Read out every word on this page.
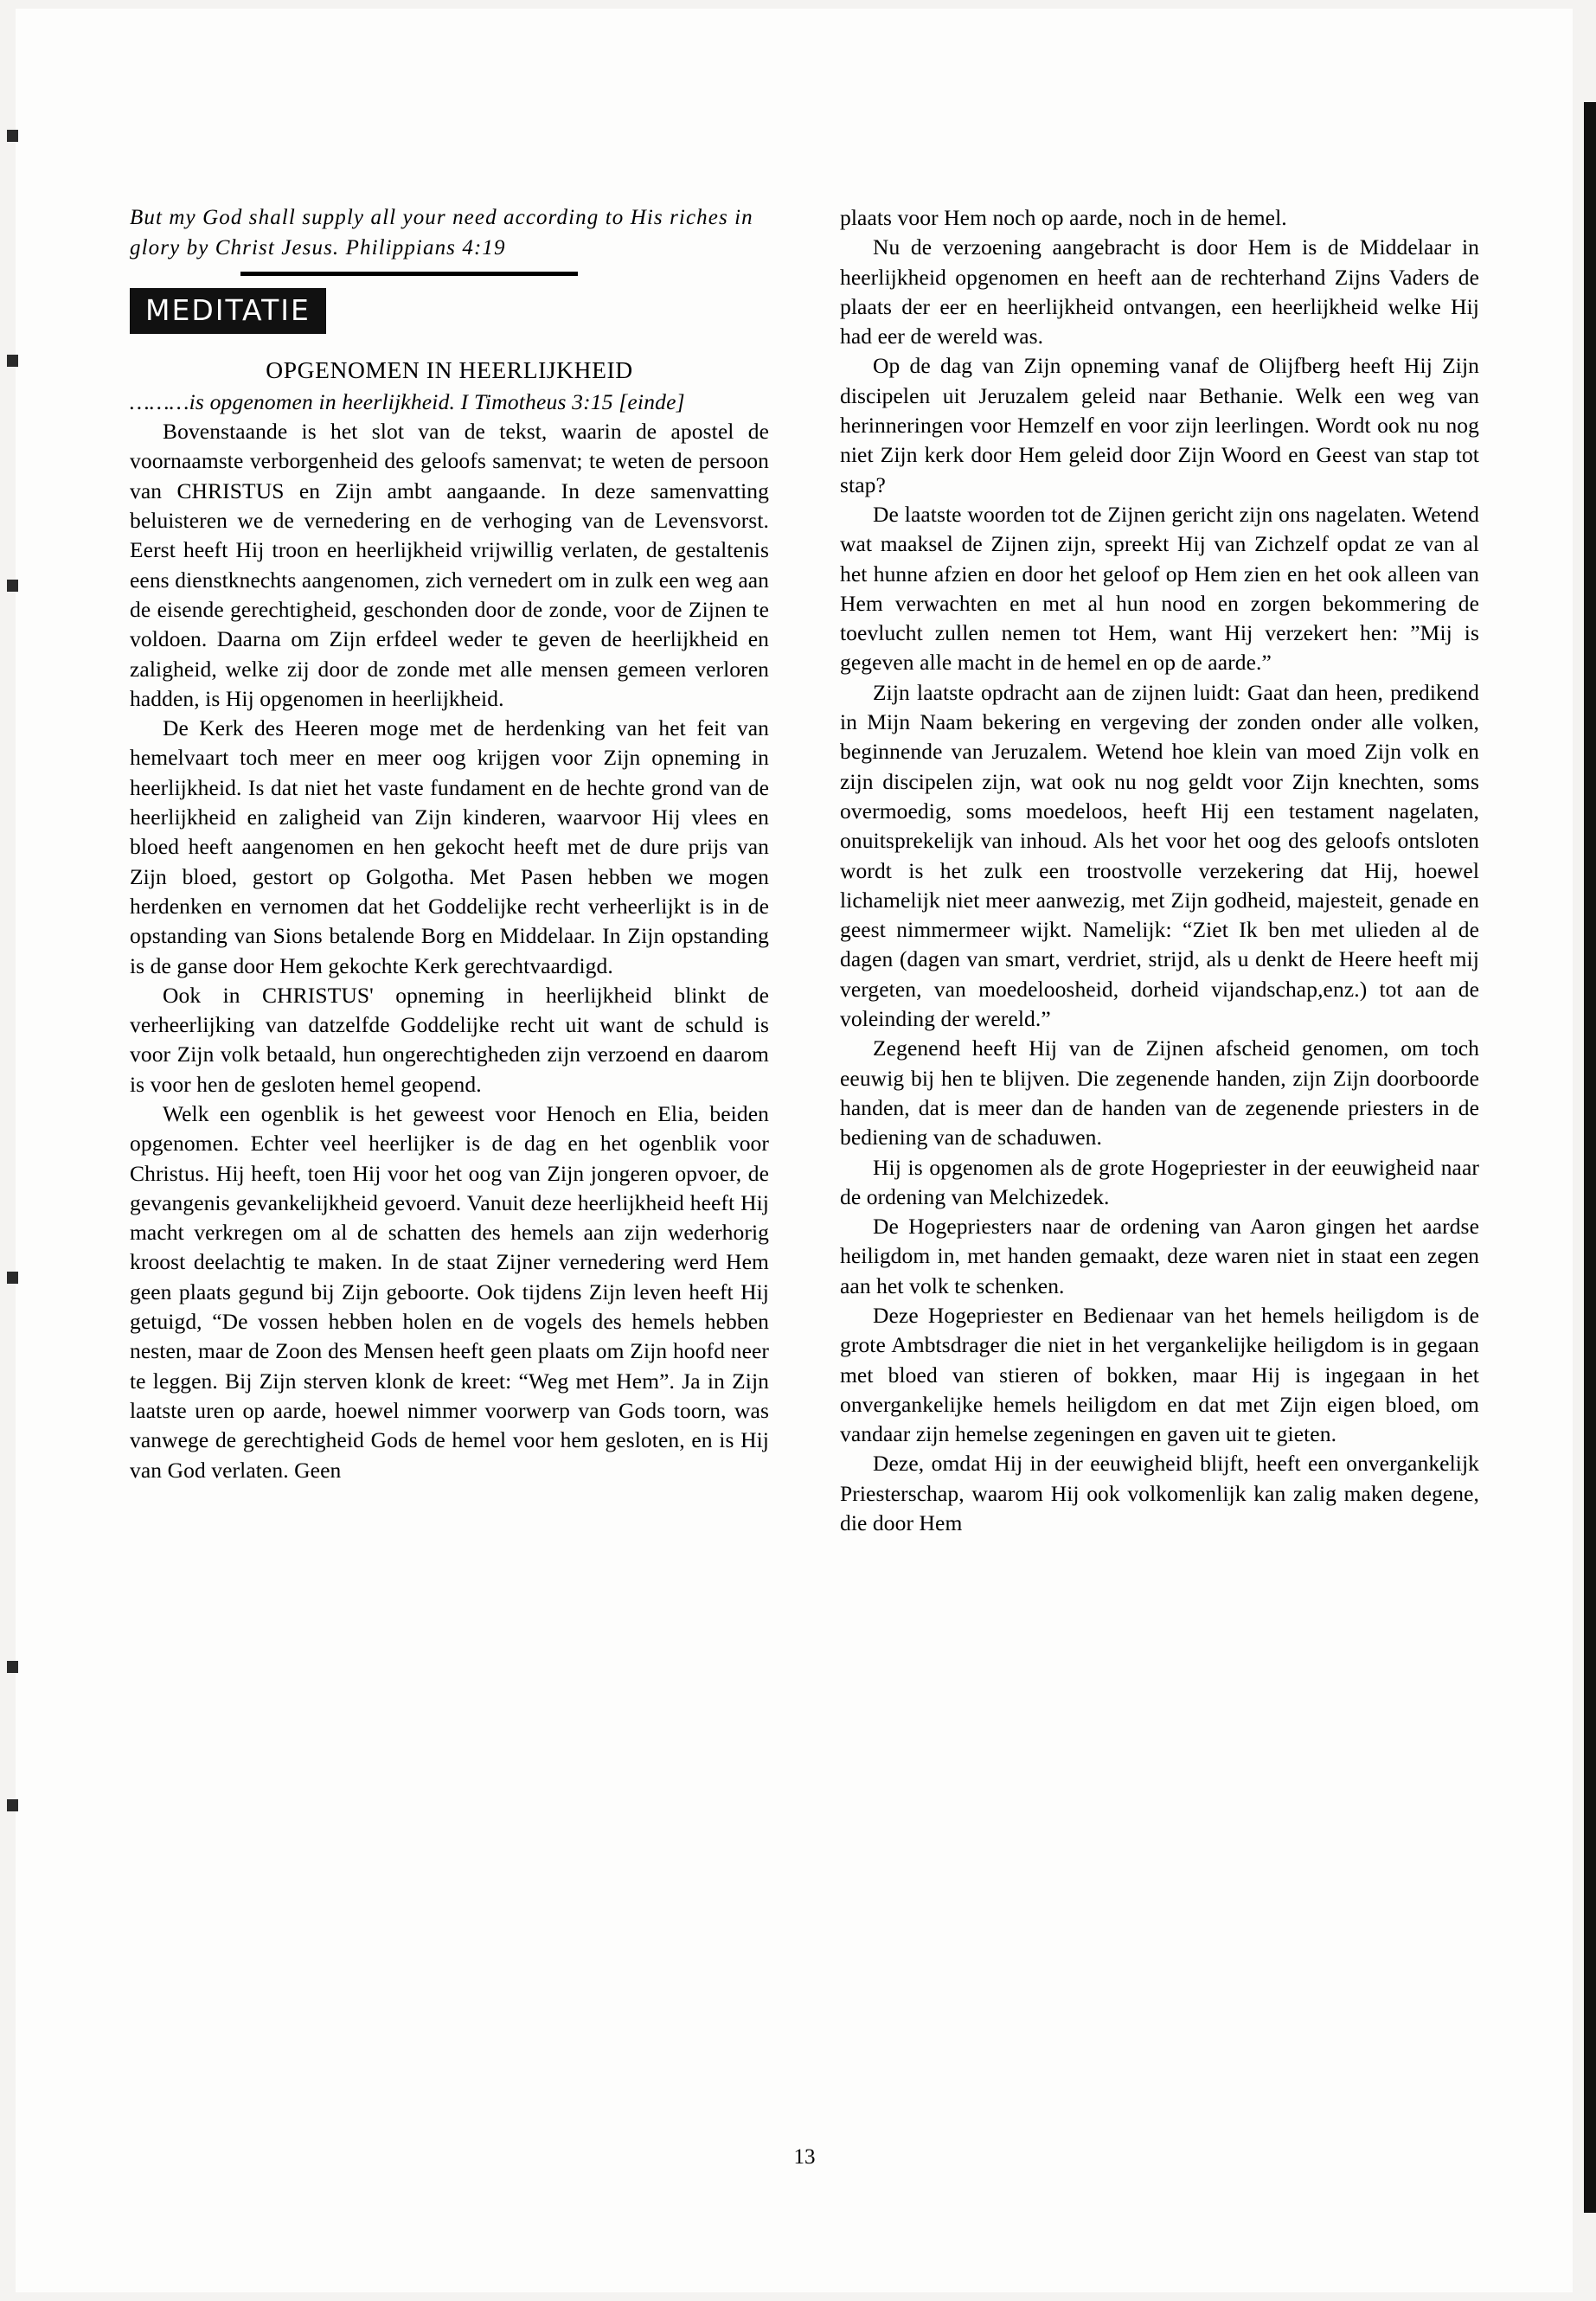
But my God shall supply all your need according to His riches in glory by Christ Jesus. Philippians 4:19

MEDITATIE
OPGENOMEN IN HEERLIJKHEID

………is opgenomen in heerlijkheid. I Timotheus 3:15 [einde]

Bovenstaande is het slot van de tekst, waarin de apostel de voornaamste verborgenheid des geloofs samenvat; te weten de persoon van CHRISTUS en Zijn ambt aangaande. In deze samenvatting beluisteren we de vernedering en de verhoging van de Levensvorst. Eerst heeft Hij troon en heerlijkheid vrijwillig verlaten, de gestaltenis eens dienstknechts aangenomen, zich vernedert om in zulk een weg aan de eisende gerechtigheid, geschonden door de zonde, voor de Zijnen te voldoen. Daarna om Zijn erfdeel weder te geven de heerlijkheid en zaligheid, welke zij door de zonde met alle mensen gemeen verloren hadden, is Hij opgenomen in heerlijkheid.

De Kerk des Heeren moge met de herdenking van het feit van hemelvaart toch meer en meer oog krijgen voor Zijn opneming in heerlijkheid. Is dat niet het vaste fundament en de hechte grond van de heerlijkheid en zaligheid van Zijn kinderen, waarvoor Hij vlees en bloed heeft aangenomen en hen gekocht heeft met de dure prijs van Zijn bloed, gestort op Golgotha. Met Pasen hebben we mogen herdenken en vernomen dat het Goddelijke recht verheerlijkt is in de opstanding van Sions betalende Borg en Middelaar. In Zijn opstanding is de ganse door Hem gekochte Kerk gerechtvaardigd.

Ook in CHRISTUS' opneming in heerlijkheid blinkt de verheerlijking van datzelfde Goddelijke recht uit want de schuld is voor Zijn volk betaald, hun ongerechtigheden zijn verzoend en daarom is voor hen de gesloten hemel geopend.

Welk een ogenblik is het geweest voor Henoch en Elia, beiden opgenomen. Echter veel heerlijker is de dag en het ogenblik voor Christus. Hij heeft, toen Hij voor het oog van Zijn jongeren opvoer, de gevangenis gevankelijkheid gevoerd. Vanuit deze heerlijkheid heeft Hij macht verkregen om al de schatten des hemels aan zijn wederhorig kroost deelachtig te maken. In de staat Zijner vernedering werd Hem geen plaats gegund bij Zijn geboorte. Ook tijdens Zijn leven heeft Hij getuigd, “De vossen hebben holen en de vogels des hemels hebben nesten, maar de Zoon des Mensen heeft geen plaats om Zijn hoofd neer te leggen. Bij Zijn sterven klonk de kreet: “Weg met Hem”. Ja in Zijn laatste uren op aarde, hoewel nimmer voorwerp van Gods toorn, was vanwege de gerechtigheid Gods de hemel voor hem gesloten, en is Hij van God verlaten. Geen

plaats voor Hem noch op aarde, noch in de hemel.

Nu de verzoening aangebracht is door Hem is de Middelaar in heerlijkheid opgenomen en heeft aan de rechterhand Zijns Vaders de plaats der eer en heerlijkheid ontvangen, een heerlijkheid welke Hij had eer de wereld was.

Op de dag van Zijn opneming vanaf de Olijfberg heeft Hij Zijn discipelen uit Jeruzalem geleid naar Bethanie. Welk een weg van herinneringen voor Hemzelf en voor zijn leerlingen. Wordt ook nu nog niet Zijn kerk door Hem geleid door Zijn Woord en Geest van stap tot stap?

De laatste woorden tot de Zijnen gericht zijn ons nagelaten. Wetend wat maaksel de Zijnen zijn, spreekt Hij van Zichzelf opdat ze van al het hunne afzien en door het geloof op Hem zien en het ook alleen van Hem verwachten en met al hun nood en zorgen bekommering de toevlucht zullen nemen tot Hem, want Hij verzekert hen: ”Mij is gegeven alle macht in de hemel en op de aarde.”

Zijn laatste opdracht aan de zijnen luidt: Gaat dan heen, predikend in Mijn Naam bekering en vergeving der zonden onder alle volken, beginnende van Jeruzalem. Wetend hoe klein van moed Zijn volk en zijn discipelen zijn, wat ook nu nog geldt voor Zijn knechten, soms overmoedig, soms moedeloos, heeft Hij een testament nagelaten, onuitsprekelijk van inhoud. Als het voor het oog des geloofs ontsloten wordt is het zulk een troostvolle verzekering dat Hij, hoewel lichamelijk niet meer aanwezig, met Zijn godheid, majesteit, genade en geest nimmermeer wijkt. Namelijk: “Ziet Ik ben met ulieden al de dagen (dagen van smart, verdriet, strijd, als u denkt de Heere heeft mij vergeten, van moedeloosheid, dorheid vijandschap,enz.) tot aan de voleinding der wereld.”

Zegenend heeft Hij van de Zijnen afscheid genomen, om toch eeuwig bij hen te blijven. Die zegenende handen, zijn Zijn doorboorde handen, dat is meer dan de handen van de zegenende priesters in de bediening van de schaduwen.

Hij is opgenomen als de grote Hogepriester in der eeuwigheid naar de ordening van Melchizedek.

De Hogepriesters naar de ordening van Aaron gingen het aardse heiligdom in, met handen gemaakt, deze waren niet in staat een zegen aan het volk te schenken.

Deze Hogepriester en Bedienaar van het hemels heiligdom is de grote Ambtsdrager die niet in het vergankelijke heiligdom is in gegaan met bloed van stieren of bokken, maar Hij is ingegaan in het onvergankelijke hemels heiligdom en dat met Zijn eigen bloed, om vandaar zijn hemelse zegeningen en gaven uit te gieten.

Deze, omdat Hij in der eeuwigheid blijft, heeft een onvergankelijk Priesterschap, waarom Hij ook volkomenlijk kan zalig maken degene, die door Hem

13
